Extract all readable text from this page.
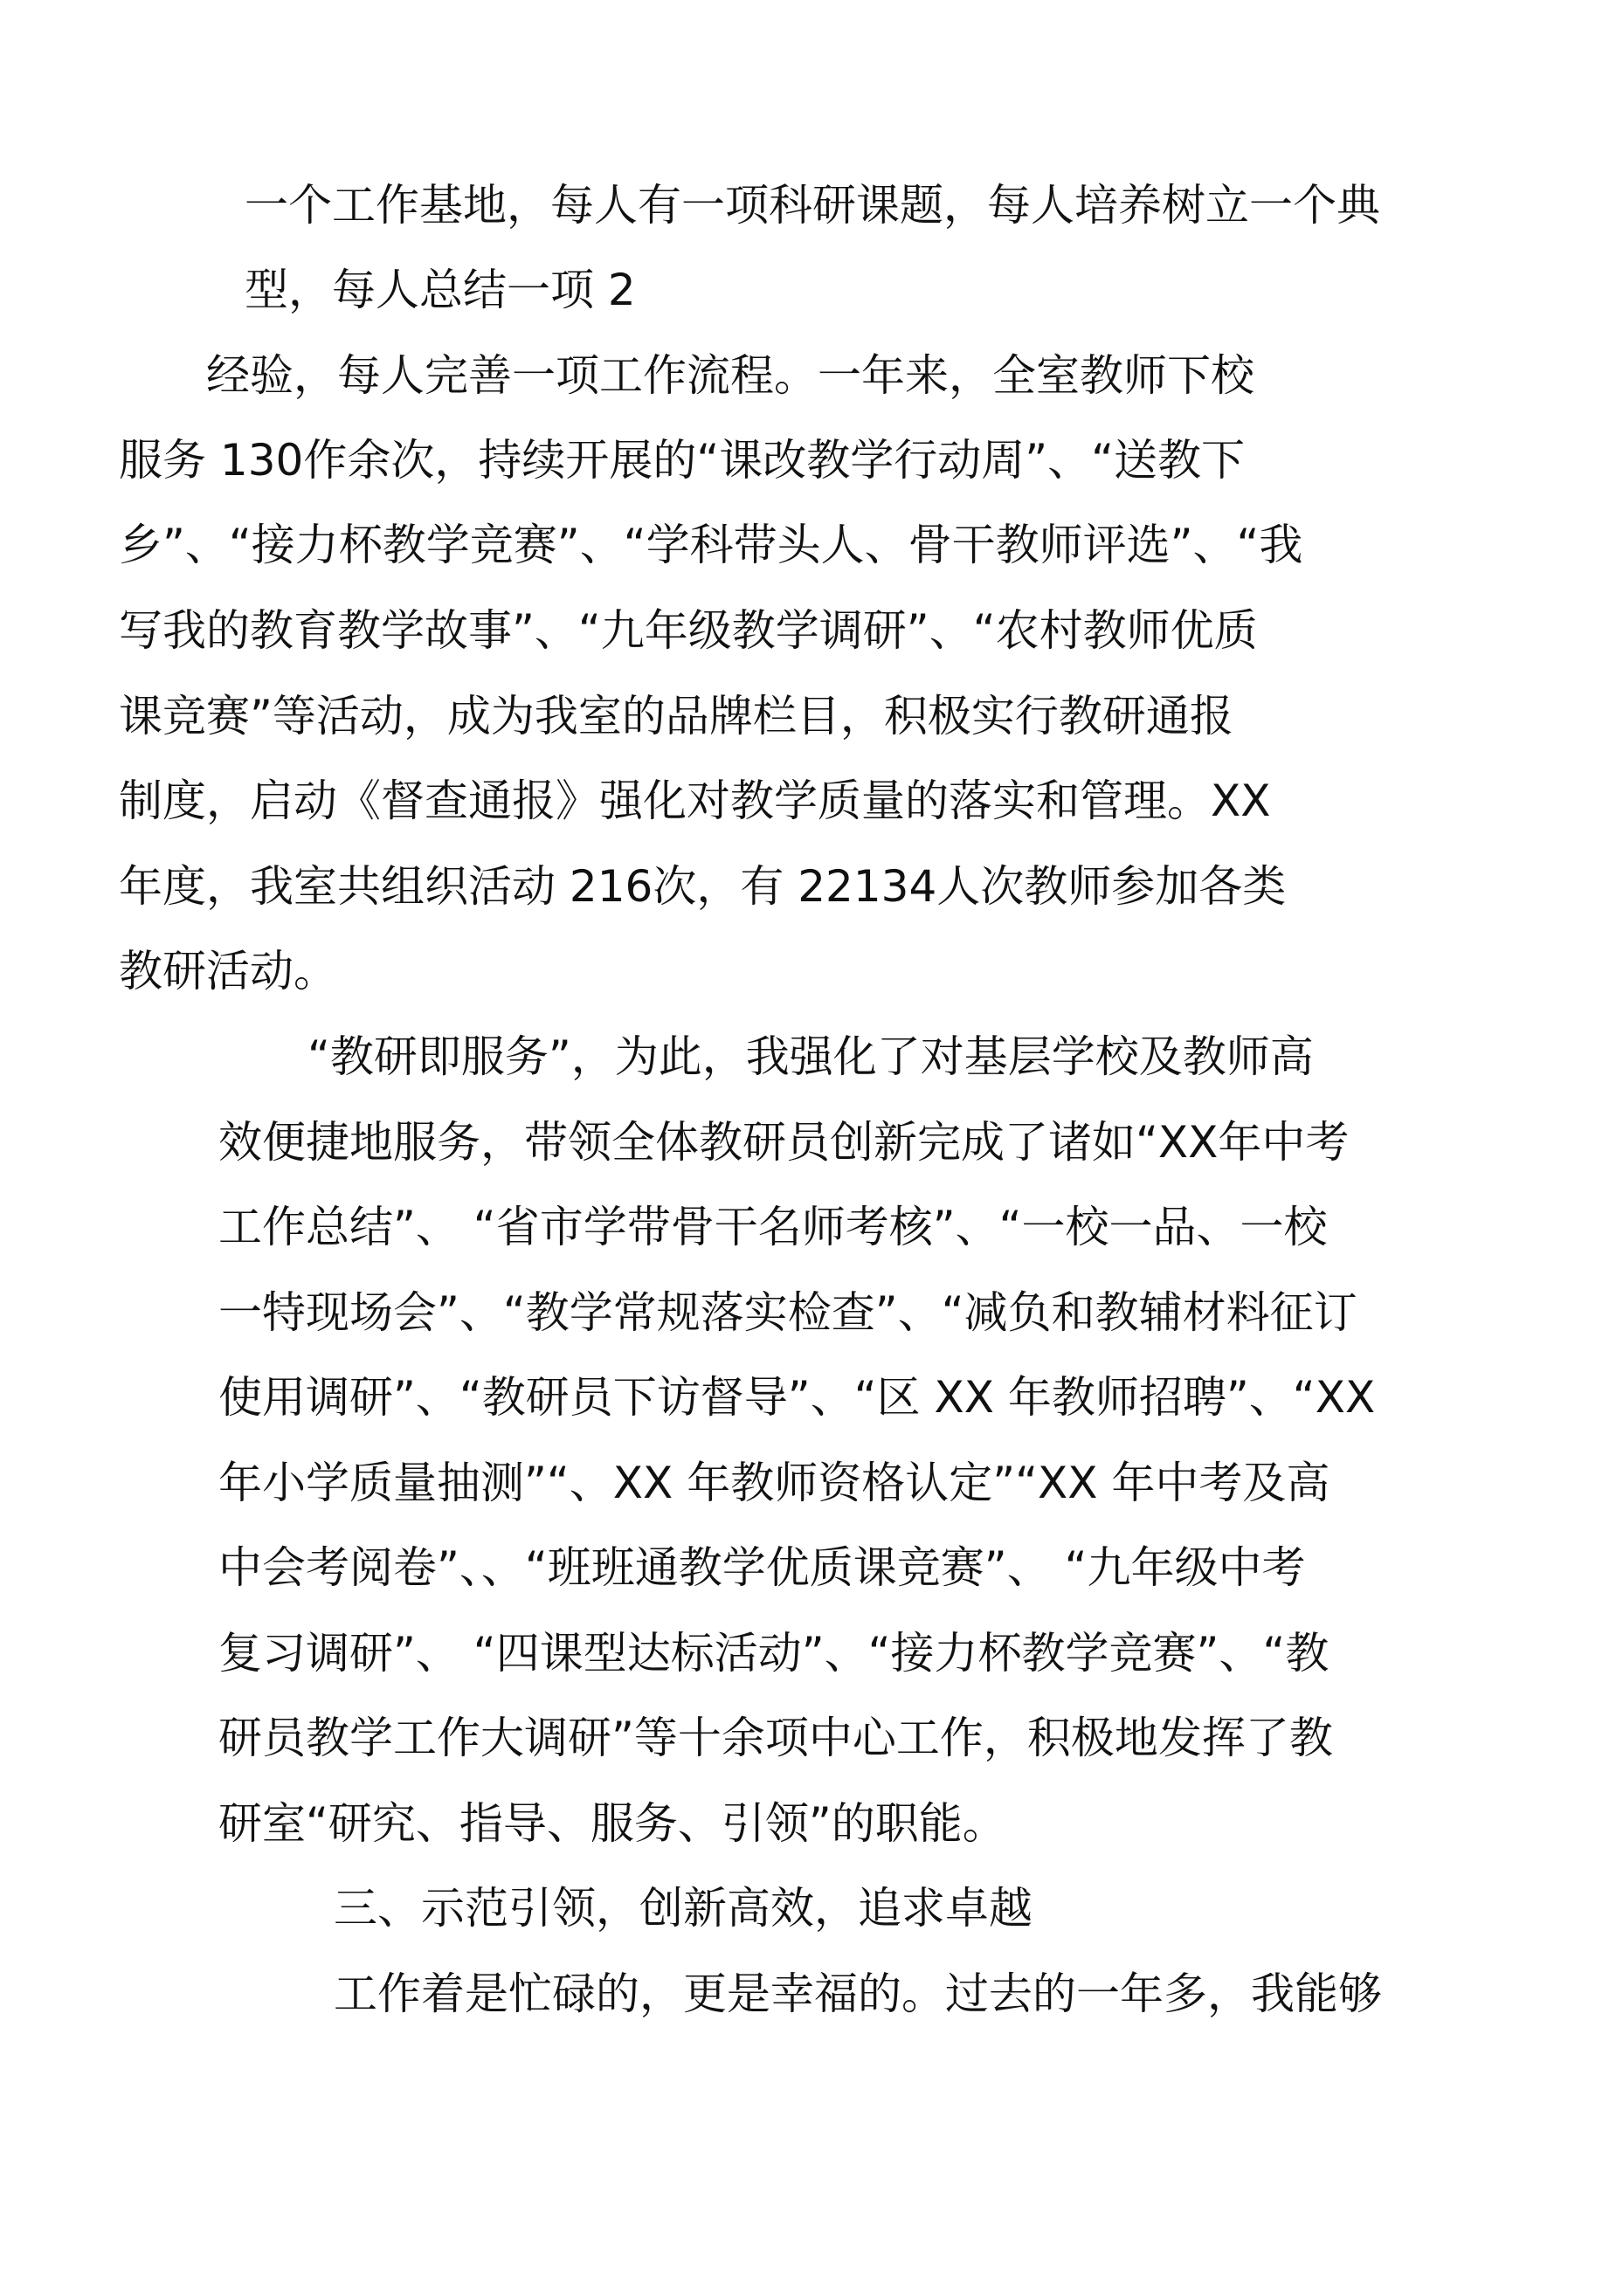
一个工作基地，每人有一项科研课题，每人培养树立一个典
型，每人总结一项 2
经验，每人完善一项工作流程。一年来，全室教师下校
服务 130作余次，持续开展的“课改教学行动周”、“送教下
乡”、“接力杯教学竞赛”、“学科带头人、骨干教师评选”、“我
写我的教育教学故事”、“九年级教学调研”、“农村教师优质
课竞赛”等活动，成为我室的品牌栏目，积极实行教研通报
制度，启动《督查通报》强化对教学质量的落实和管理。XX
年度，我室共组织活动 216次，有 22134人次教师参加各类
教研活动。
“教研即服务”，为此，我强化了对基层学校及教师高
效便捷地服务，带领全体教研员创新完成了诸如“XX年中考
工作总结”、 “省市学带骨干名师考核”、“一校一品、一校
一特现场会”、“教学常规落实检查”、“减负和教辅材料征订
使用调研”、“教研员下访督导”、“区 XX 年教师招聘”、“XX
年小学质量抽测”“、XX 年教师资格认定”“XX 年中考及高
中会考阅卷”、、“班班通教学优质课竞赛”、 “九年级中考
复习调研”、 “四课型达标活动”、“接力杯教学竞赛”、“教
研员教学工作大调研”等十余项中心工作，积极地发挥了教
研室“研究、指导、服务、引领”的职能。
三、示范引领，创新高效，追求卓越
工作着是忙碌的，更是幸福的。过去的一年多，我能够
